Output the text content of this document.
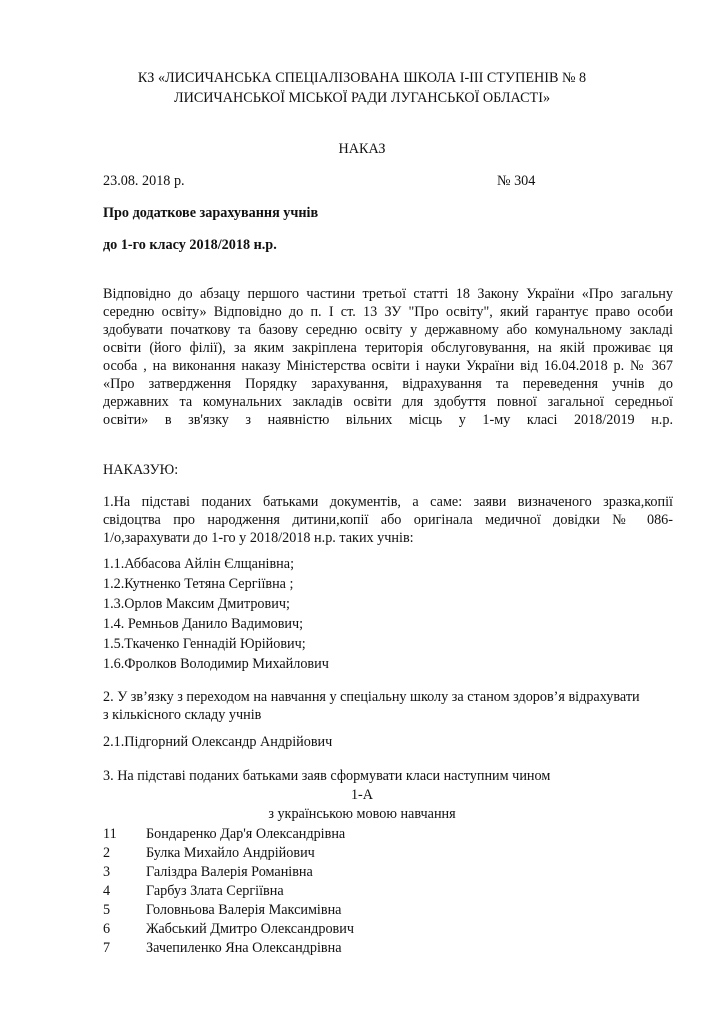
КЗ «ЛИСИЧАНСЬКА СПЕЦІАЛІЗОВАНА ШКОЛА І-ІІІ СТУПЕНІВ № 8
ЛИСИЧАНСЬКОЇ МІСЬКОЇ РАДИ ЛУГАНСЬКОЇ ОБЛАСТІ»
НАКАЗ
23.08. 2018 р.	№ 304
Про додаткове зарахування учнів
до 1-го класу 2018/2018 н.р.
Відповідно до абзацу першого частини третьої статті 18 Закону України «Про загальну
середню освіту» Відповідно до п. І ст. 13 ЗУ "Про освіту", який гарантує право особи
здобувати початкову та базову середню освіту у державному або комунальному закладі
освіти (його філії), за яким закріплена територія обслуговування, на якій проживає ця
особа , на виконання наказу Міністерства освіти і науки України від 16.04.2018 р. № 367
«Про затвердження Порядку зарахування, відрахування та переведення учнів до
державних та комунальних закладів освіти для здобуття повної загальної середньої
освіти» в зв'язку з наявністю вільних місць у 1-му класі 2018/2019 н.р.
НАКАЗУЮ:
1.На підставі поданих батьками документів, а саме: заяви визначеного зразка,копії
свідоцтва про народження дитини,копії або оригінала медичної довідки № 086-
1/о,зарахувати до 1-го у 2018/2018 н.р. таких учнів:
1.1.Аббасова Айлін Єлщанівна;
1.2.Кутненко Тетяна Сергіївна ;
1.3.Орлов Максим Дмитрович;
1.4. Ремньов Данило Вадимович;
1.5.Ткаченко Геннадій Юрійович;
1.6.Фролков Володимир Михайлович
2. У зв’язку з переходом на навчання у спеціальну школу за станом здоров’я відрахувати
з кількісного складу учнів
2.1.Підгорний Олександр Андрійович
3. На підставі поданих батьками заяв сформувати класи наступним чином
1-А
з українською мовою навчання
11 Бондаренко Дар'я Олександрівна
2	Булка Михайло Андрійович
3	Галіздра Валерія Романівна
4	Гарбуз Злата Сергіївна
5	Головньова Валерія Максимівна
6	Жабський Дмитро Олександрович
7	Зачепиленко Яна Олександрівна
